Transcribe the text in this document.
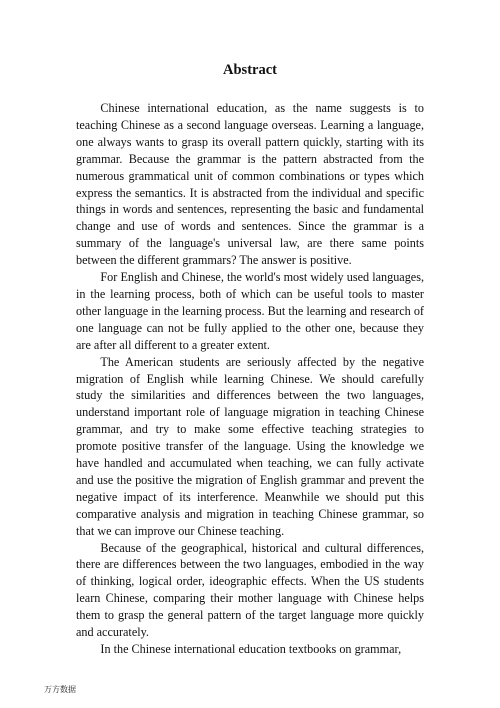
Abstract

Chinese international education, as the name suggests is to teaching Chinese as a second language overseas. Learning a language, one always wants to grasp its overall pattern quickly, starting with its grammar. Because the grammar is the pattern abstracted from the numerous grammatical unit of common combinations or types which express the semantics. It is abstracted from the individual and specific things in words and sentences, representing the basic and fundamental change and use of words and sentences. Since the grammar is a summary of the language's universal law, are there same points between the different grammars? The answer is positive.

For English and Chinese, the world's most widely used languages, in the learning process, both of which can be useful tools to master other language in the learning process. But the learning and research of one language can not be fully applied to the other one, because they are after all different to a greater extent.

The American students are seriously affected by the negative migration of English while learning Chinese. We should carefully study the similarities and differences between the two languages, understand important role of language migration in teaching Chinese grammar, and try to make some effective teaching strategies to promote positive transfer of the language. Using the knowledge we have handled and accumulated when teaching, we can fully activate and use the positive the migration of English grammar and prevent the negative impact of its interference. Meanwhile we should put this comparative analysis and migration in teaching Chinese grammar, so that we can improve our Chinese teaching.

Because of the geographical, historical and cultural differences, there are differences between the two languages, embodied in the way of thinking, logical order, ideographic effects. When the US students learn Chinese, comparing their mother language with Chinese helps them to grasp the general pattern of the target language more quickly and accurately.

In the Chinese international education textbooks on grammar,

万方数据
